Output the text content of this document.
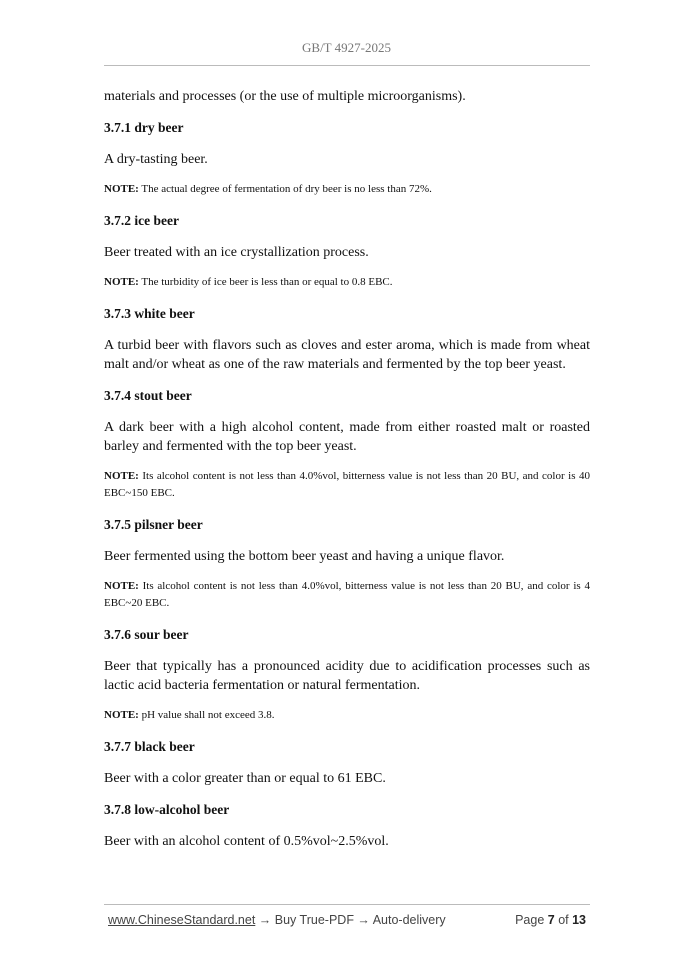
GB/T 4927-2025

materials and processes (or the use of multiple microorganisms).

3.7.1 dry beer

A dry-tasting beer.

NOTE: The actual degree of fermentation of dry beer is no less than 72%.

3.7.2 ice beer

Beer treated with an ice crystallization process.

NOTE: The turbidity of ice beer is less than or equal to 0.8 EBC.

3.7.3 white beer

A turbid beer with flavors such as cloves and ester aroma, which is made from wheat malt and/or wheat as one of the raw materials and fermented by the top beer yeast.

3.7.4 stout beer

A dark beer with a high alcohol content, made from either roasted malt or roasted barley and fermented with the top beer yeast.

NOTE: Its alcohol content is not less than 4.0%vol, bitterness value is not less than 20 BU, and color is 40 EBC~150 EBC.

3.7.5 pilsner beer

Beer fermented using the bottom beer yeast and having a unique flavor.

NOTE: Its alcohol content is not less than 4.0%vol, bitterness value is not less than 20 BU, and color is 4 EBC~20 EBC.

3.7.6 sour beer

Beer that typically has a pronounced acidity due to acidification processes such as lactic acid bacteria fermentation or natural fermentation.

NOTE: pH value shall not exceed 3.8.

3.7.7 black beer

Beer with a color greater than or equal to 61 EBC.

3.7.8 low-alcohol beer

Beer with an alcohol content of 0.5%vol~2.5%vol.

www.ChineseStandard.net → Buy True-PDF → Auto-delivery	Page 7 of 13
